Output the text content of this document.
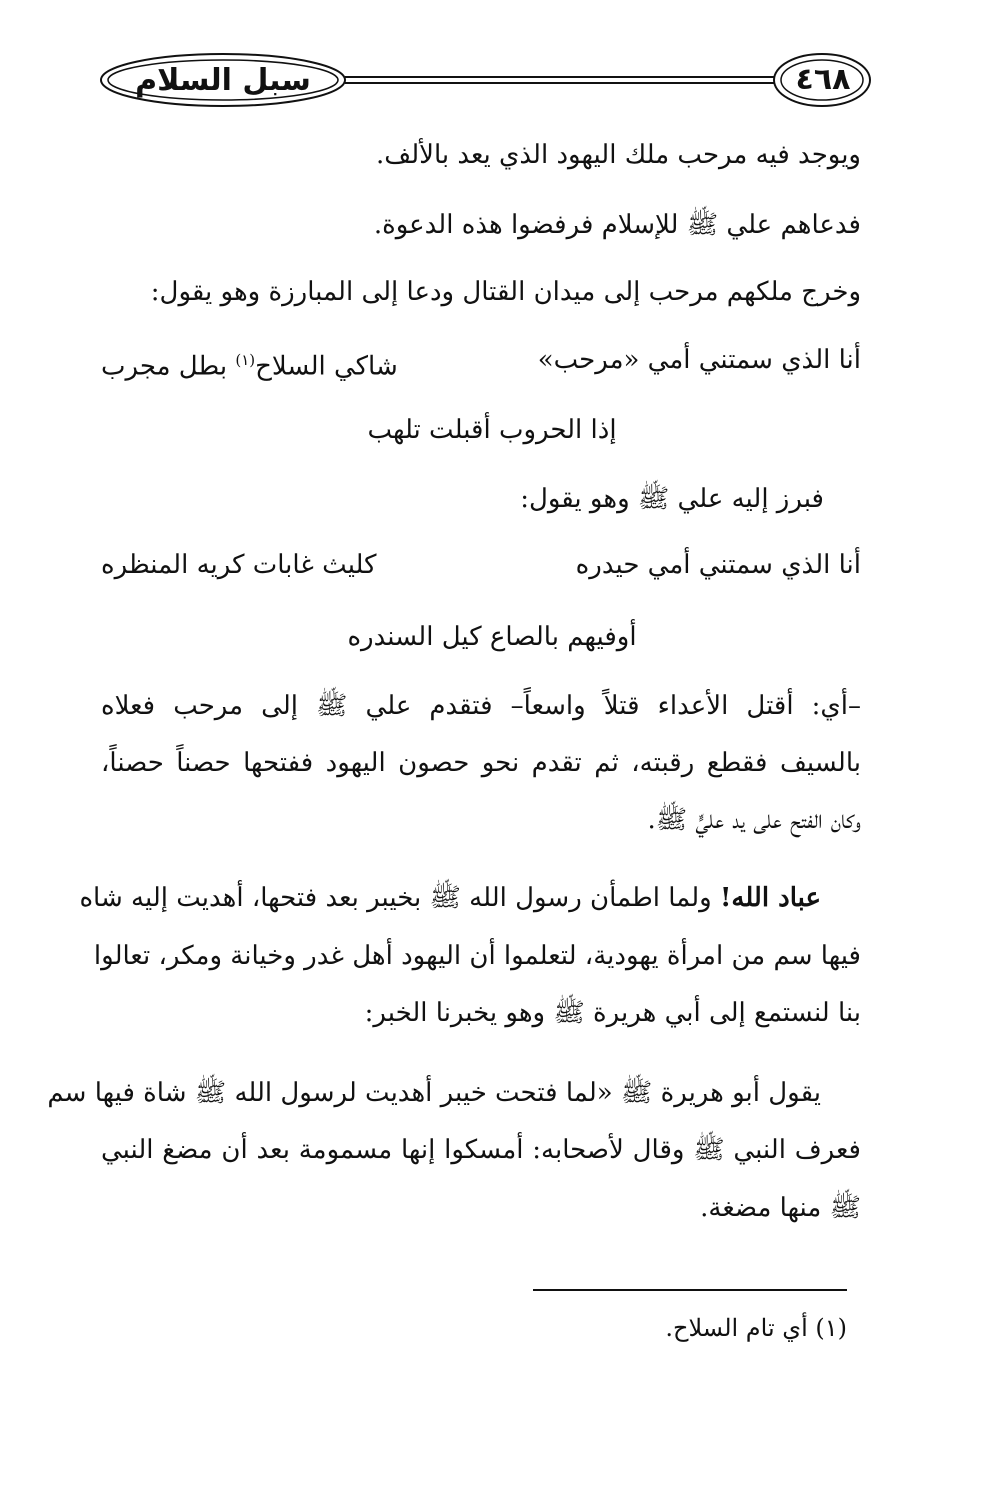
سبل السلام	٤٦٨
ويوجد فيه مرحب ملك اليهود الذي يعد بالألف.
فدعاهم علي ﷺ للإسلام فرفضوا هذه الدعوة.
وخرج ملكهم مرحب إلى ميدان القتال ودعا إلى المبارزة وهو يقول:
أنا الذي سمتني أمي «مرحب»
شاكي السلاح$^{(١)}$ بطل مجرب
إذا الحروب أقبلت تلهب
فبرز إليه علي ﷺ وهو يقول:
أنا الذي سمتني أمي حيدره
كليث غابات كريه المنظره
أوفيهم بالصاع كيل السندره
–أي: أقتل الأعداء قتلاً واسعاً– فتقدم علي ﷺ إلى مرحب فعلاه
بالسيف فقطع رقبته، ثم تقدم نحو حصون اليهود ففتحها حصناً حصناً،
وكان الفتح على يد عليٍّ ﷺ.
عباد الله! ولما اطمأن رسول الله ﷺ بخيبر بعد فتحها، أهديت إليه شاه
فيها سم من امرأة يهودية، لتعلموا أن اليهود أهل غدر وخيانة ومكر، تعالوا
بنا لنستمع إلى أبي هريرة ﷺ وهو يخبرنا الخبر:
يقول أبو هريرة ﷺ «لما فتحت خيبر أهديت لرسول الله ﷺ شاة فيها سم
فعرف النبي ﷺ وقال لأصحابه: أمسكوا إنها مسمومة بعد أن مضغ النبي
ﷺ منها مضغة.
(١) أي تام السلاح.
